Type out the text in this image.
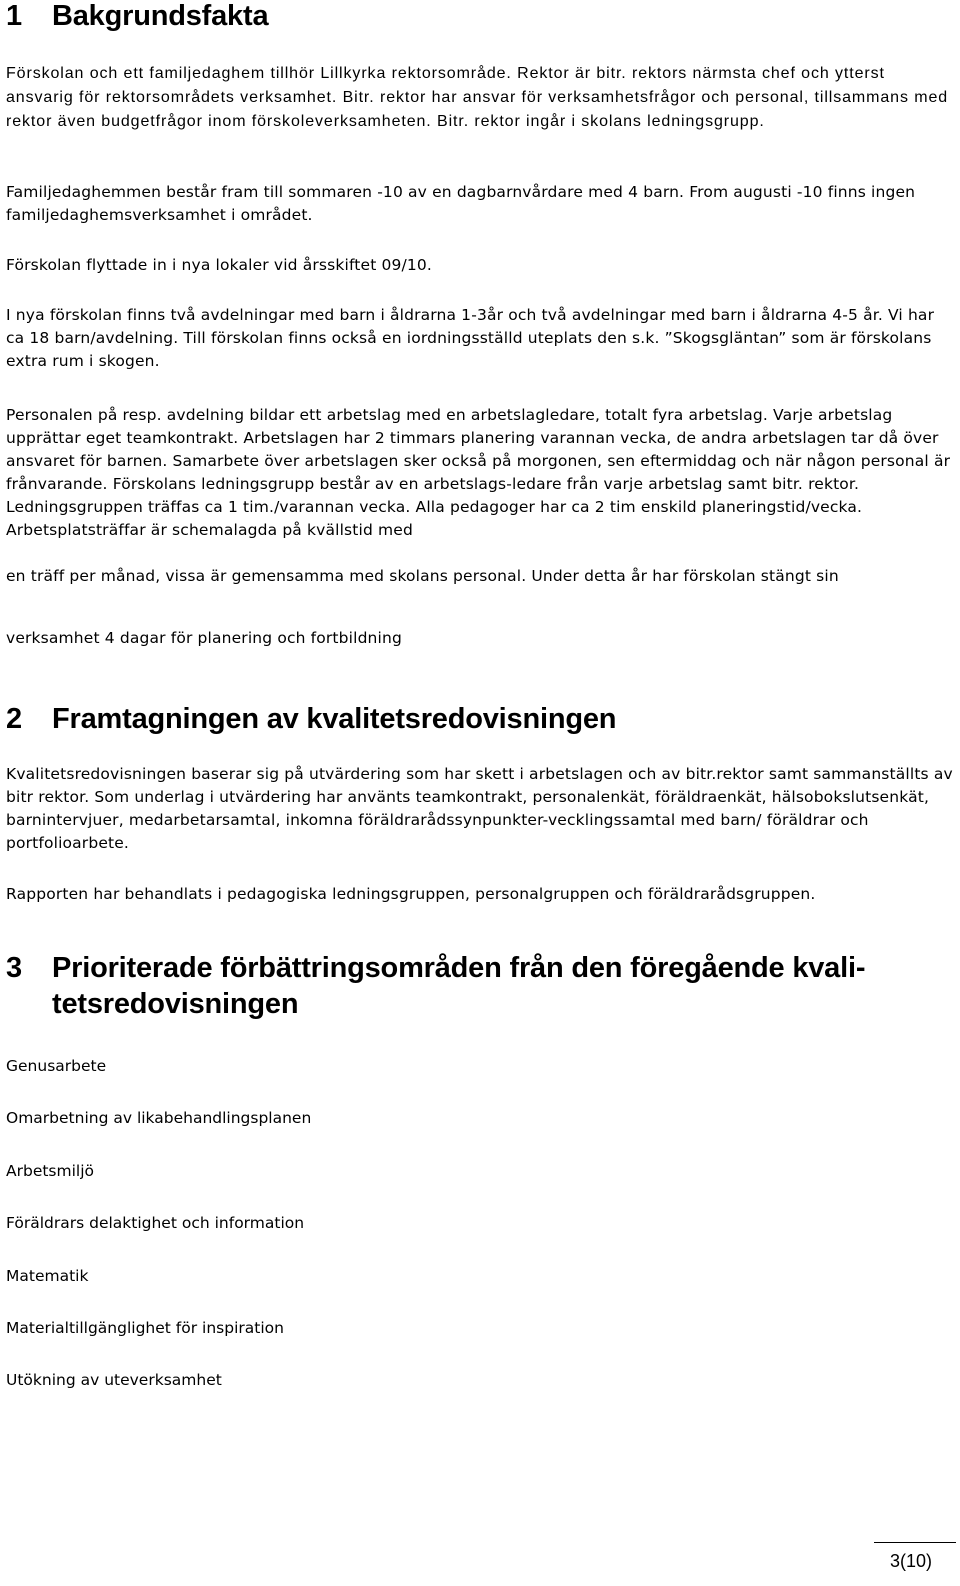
1 Bakgrundsfakta

Förskolan och ett familjedaghem tillhör Lillkyrka rektorsområde. Rektor är bitr. rektors närmsta chef och ytterst ansvarig för rektorsområdets verksamhet. Bitr. rektor har ansvar för verksamhetsfrågor och personal, tillsammans med rektor även budgetfrågor inom förskoleverksamheten. Bitr. rektor ingår i skolans ledningsgrupp.

Familjedaghemmen består fram till sommaren -10 av en dagbarnvårdare med 4 barn. From augusti -10 finns ingen familjedaghemsverksamhet i området.

Förskolan flyttade in i nya lokaler vid årsskiftet 09/10.

I nya förskolan finns två avdelningar med barn i åldrarna 1-3år och två avdelningar med barn i åldrarna 4-5 år. Vi har ca 18 barn/avdelning. Till förskolan finns också en iordningsställd uteplats den s.k. ”Skogsgläntan” som är förskolans extra rum i skogen.

Personalen på resp. avdelning bildar ett arbetslag med en arbetslagledare, totalt fyra arbetslag. Varje arbetslag upprättar eget teamkontrakt. Arbetslagen har 2 timmars planering varannan vecka, de andra arbetslagen tar då över ansvaret för barnen. Samarbete över arbetslagen sker också på morgonen, sen eftermiddag och när någon personal är frånvarande. Förskolans ledningsgrupp består av en arbetslags-ledare från varje arbetslag samt bitr. rektor. Ledningsgruppen träffas ca 1 tim./varannan vecka. Alla pedagoger har ca 2 tim enskild planeringstid/vecka. Arbetsplatsträffar är schemalagda på kvällstid med

en träff per månad, vissa är gemensamma med skolans personal. Under detta år har förskolan stängt sin

verksamhet 4 dagar för planering och fortbildning

2 Framtagningen av kvalitetsredovisningen

Kvalitetsredovisningen baserar sig på utvärdering som har skett i arbetslagen och av bitr.rektor samt sammanställts av bitr rektor. Som underlag i utvärdering har använts teamkontrakt, personalenkät, föräldraenkät, hälsobokslutsenkät, barnintervjuer, medarbetarsamtal, inkomna föräldrarådssynpunkter-vecklingssamtal med barn/ föräldrar och portfolioarbete.

Rapporten har behandlats i pedagogiska ledningsgruppen, personalgruppen och föräldrarådsgruppen.

3 Prioriterade förbättringsområden från den föregående kvali-tetsredovisningen
Genusarbete
Omarbetning av likabehandlingsplanen
Arbetsmiljö
Föräldrars delaktighet och information
Matematik
Materialtillgänglighet för inspiration
Utökning av uteverksamhet
3(10)
